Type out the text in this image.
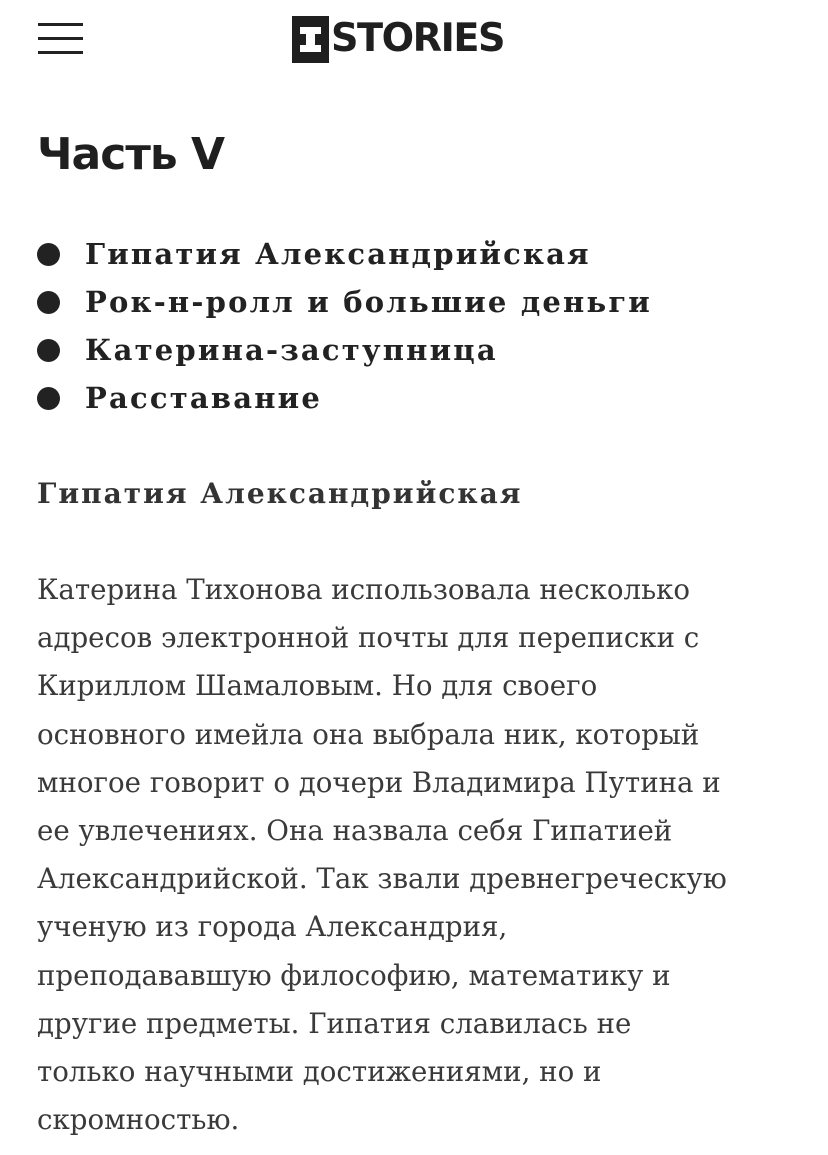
STORIES
Часть V
Гипатия Александрийская
Рок-н-ролл и большие деньги
Катерина-заступница
Расставание
Гипатия Александрийская
Катерина Тихонова использовала несколько
адресов электронной почты для переписки с
Кириллом Шамаловым. Но для своего
основного имейла она выбрала ник, который
многое говорит о дочери Владимира Путина и
ее увлечениях. Она назвала себя Гипатией
Александрийской. Так звали древнегреческую
ученую из города Александрия,
преподававшую философию, математику и
другие предметы. Гипатия славилась не
только научными достижениями, но и
скромностью.
